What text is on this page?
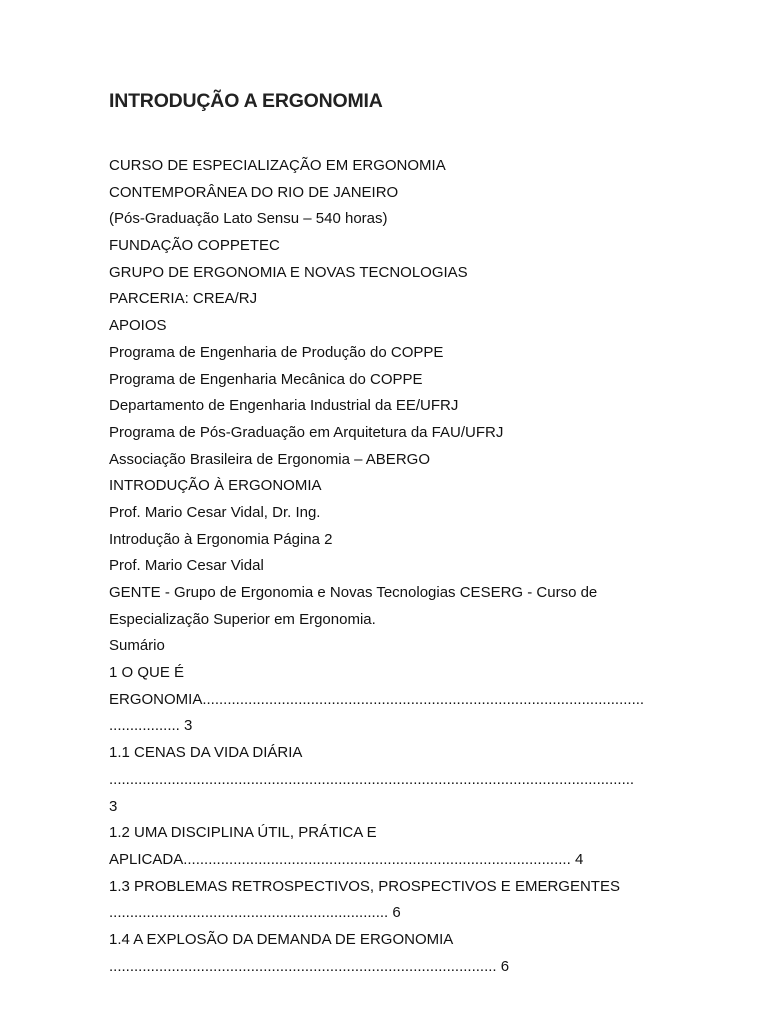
INTRODUÇÃO A ERGONOMIA
CURSO DE ESPECIALIZAÇÃO EM ERGONOMIA
CONTEMPORÂNEA DO RIO DE JANEIRO
(Pós-Graduação Lato Sensu – 540 horas)
FUNDAÇÃO COPPETEC
GRUPO DE ERGONOMIA E NOVAS TECNOLOGIAS
PARCERIA: CREA/RJ
APOIOS
Programa de Engenharia de Produção do COPPE
Programa de Engenharia Mecânica do COPPE
Departamento de Engenharia Industrial da EE/UFRJ
Programa de Pós-Graduação em Arquitetura da FAU/UFRJ
Associação Brasileira de Ergonomia – ABERGO
INTRODUÇÃO À ERGONOMIA
Prof. Mario Cesar Vidal, Dr. Ing.
Introdução à Ergonomia Página 2
Prof. Mario Cesar Vidal
GENTE - Grupo de Ergonomia e Novas Tecnologias CESERG - Curso de
Especialização Superior em Ergonomia.
Sumário
1 O QUE É
ERGONOMIA..........................................................................................................
................. 3
1.1 CENAS DA VIDA DIÁRIA
..............................................................................................................................
3
1.2 UMA DISCIPLINA ÚTIL, PRÁTICA E
APLICADA............................................................................................. 4
1.3 PROBLEMAS RETROSPECTIVOS, PROSPECTIVOS E EMERGENTES
................................................................... 6
1.4 A EXPLOSÃO DA DEMANDA DE ERGONOMIA
............................................................................................. 6
